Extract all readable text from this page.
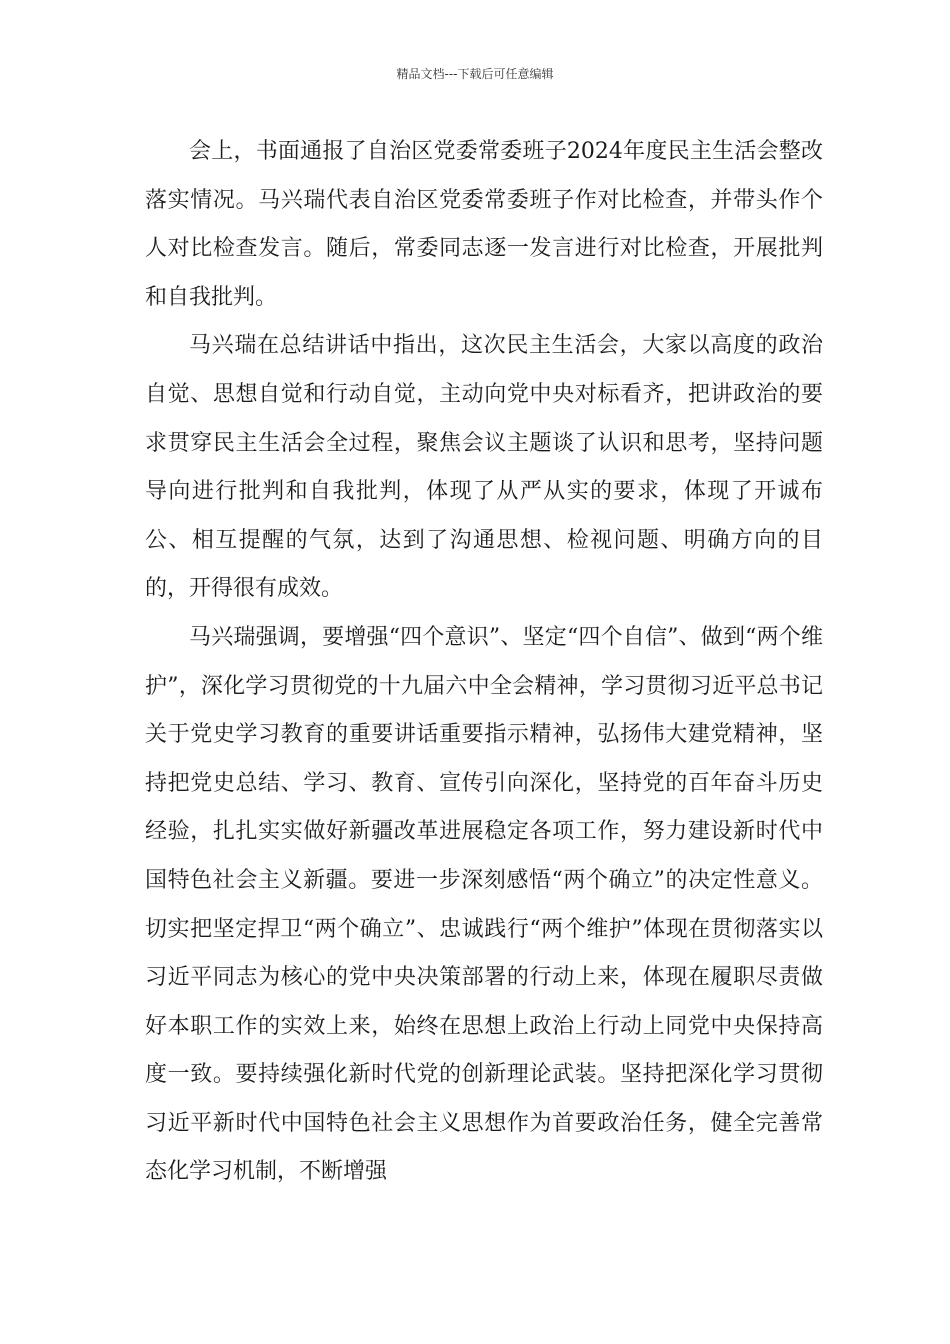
精品文档---下载后可任意编辑

会上，书面通报了自治区党委常委班子2024年度民主生活会整改落实情况。马兴瑞代表自治区党委常委班子作对比检查，并带头作个人对比检查发言。随后，常委同志逐一发言进行对比检查，开展批判和自我批判。

马兴瑞在总结讲话中指出，这次民主生活会，大家以高度的政治自觉、思想自觉和行动自觉，主动向党中央对标看齐，把讲政治的要求贯穿民主生活会全过程，聚焦会议主题谈了认识和思考，坚持问题导向进行批判和自我批判，体现了从严从实的要求，体现了开诚布公、相互提醒的气氛，达到了沟通思想、检视问题、明确方向的目的，开得很有成效。

马兴瑞强调，要增强“四个意识”、坚定“四个自信”、做到“两个维护”，深化学习贯彻党的十九届六中全会精神，学习贯彻习近平总书记关于党史学习教育的重要讲话重要指示精神，弘扬伟大建党精神，坚持把党史总结、学习、教育、宣传引向深化，坚持党的百年奋斗历史经验，扎扎实实做好新疆改革进展稳定各项工作，努力建设新时代中国特色社会主义新疆。要进一步深刻感悟“两个确立”的决定性意义。切实把坚定捍卫“两个确立”、忠诚践行“两个维护”体现在贯彻落实以习近平同志为核心的党中央决策部署的行动上来，体现在履职尽责做好本职工作的实效上来，始终在思想上政治上行动上同党中央保持高度一致。要持续强化新时代党的创新理论武装。坚持把深化学习贯彻习近平新时代中国特色社会主义思想作为首要政治任务，健全完善常态化学习机制，不断增强
